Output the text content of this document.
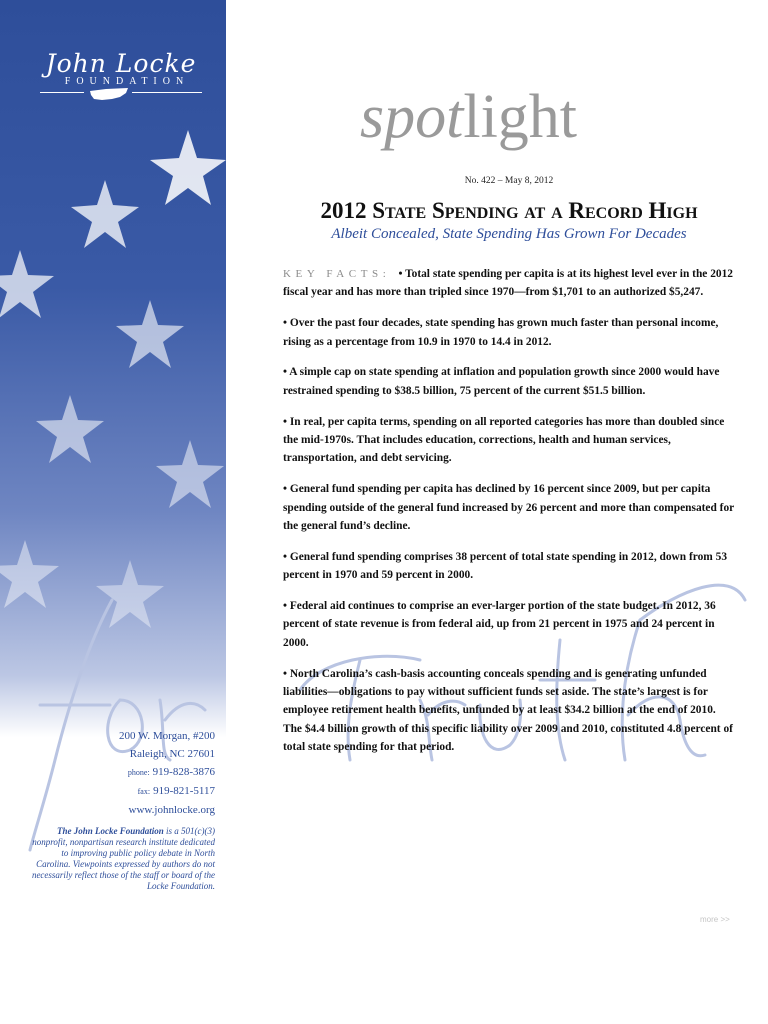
John Locke
FOUNDATION
spotlight
No. 422 – May 8, 2012
2012 State Spending at a Record High
Albeit Concealed, State Spending Has Grown For Decades

KEY FACTS: • Total state spending per capita is at its highest level ever in the 2012 fiscal year and has more than tripled since 1970—from $1,701 to an authorized $5,247.

• Over the past four decades, state spending has grown much faster than personal income, rising as a percentage from 10.9 in 1970 to 14.4 in 2012.

• A simple cap on state spending at inflation and population growth since 2000 would have restrained spending to $38.5 billion, 75 percent of the current $51.5 billion.

• In real, per capita terms, spending on all reported categories has more than doubled since the mid-1970s. That includes education, corrections, health and human services, transportation, and debt servicing.

• General fund spending per capita has declined by 16 percent since 2009, but per capita spending outside of the general fund increased by 26 percent and more than compensated for the general fund’s decline.

• General fund spending comprises 38 percent of total state spending in 2012, down from 53 percent in 1970 and 59 percent in 2000.

• Federal aid continues to comprise an ever-larger portion of the state budget. In 2012, 36 percent of state revenue is from federal aid, up from 21 percent in 1975 and 24 percent in 2000.

• North Carolina’s cash-basis accounting conceals spending and is generating unfunded liabilities—obligations to pay without sufficient funds set aside. The state’s largest is for employee retirement health benefits, unfunded by at least $34.2 billion at the end of 2010. The $4.4 billion growth of this specific liability over 2009 and 2010, constituted 4.8 percent of total state spending for that period.

200 W. Morgan, #200
Raleigh, NC 27601
phone: 919-828-3876
fax: 919-821-5117
www.johnlocke.org
The John Locke Foundation is a 501(c)(3) nonprofit, nonpartisan research institute dedicated to improving public policy debate in North Carolina. Viewpoints expressed by authors do not necessarily reflect those of the staff or board of the Locke Foundation.
more >>
